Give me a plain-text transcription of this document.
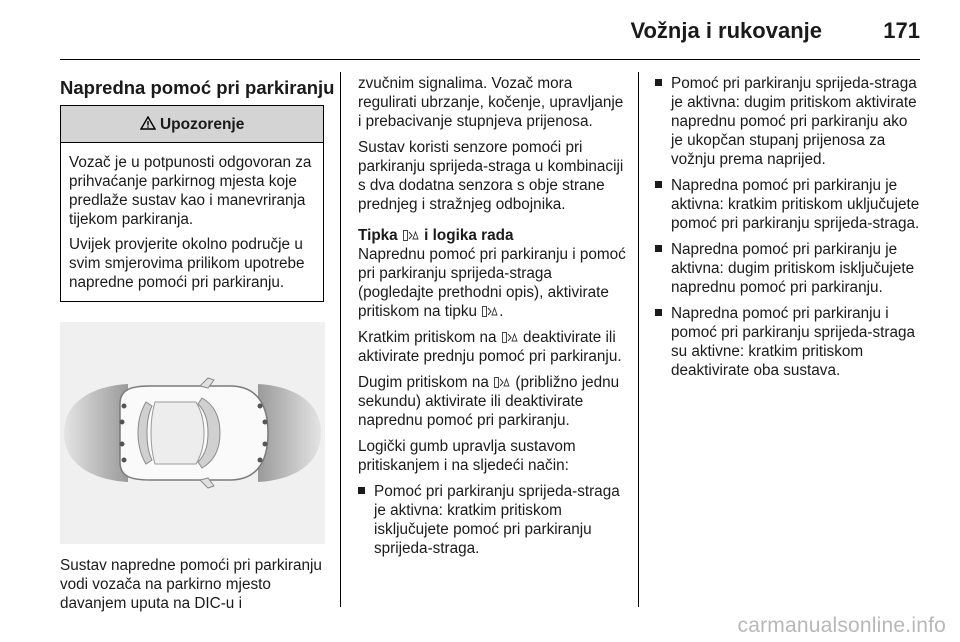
Vožnja i rukovanje	171
Napredna pomoć pri parkiranju
Upozorenje

Vozač je u potpunosti odgovoran za prihvaćanje parkirnog mjesta koje predlaže sustav kao i manevriranja tijekom parkiranja.

Uvijek provjerite okolno područje u svim smjerovima prilikom upotrebe napredne pomoći pri parkiranju.

Sustav napredne pomoći pri parkiranju vodi vozača na parkirno mjesto davanjem uputa na DIC-u i

zvučnim signalima. Vozač mora regulirati ubrzanje, kočenje, upravljanje i prebacivanje stupnjeva prijenosa.

Sustav koristi senzore pomoći pri parkiranju sprijeda-straga u kombinaciji s dva dodatna senzora s obje strane prednjeg i stražnjeg odbojnika.

Tipka  i logika rada

Naprednu pomoć pri parkiranju i pomoć pri parkiranju sprijeda-straga (pogledajte prethodni opis), aktivirate pritiskom na tipku .

Kratkim pritiskom na  deaktivirate ili aktivirate prednju pomoć pri parkiranju.

Dugim pritiskom na  (približno jednu sekundu) aktivirate ili deaktivirate naprednu pomoć pri parkiranju.

Logički gumb upravlja sustavom pritiskanjem i na sljedeći način:

Pomoć pri parkiranju sprijeda-straga je aktivna: kratkim pritiskom isključujete pomoć pri parkiranju sprijeda-straga.
Pomoć pri parkiranju sprijeda-straga je aktivna: dugim pritiskom aktivirate naprednu pomoć pri parkiranju ako je ukopčan stupanj prijenosa za vožnju prema naprijed.
Napredna pomoć pri parkiranju je aktivna: kratkim pritiskom uključujete pomoć pri parkiranju sprijeda-straga.
Napredna pomoć pri parkiranju je aktivna: dugim pritiskom isključujete naprednu pomoć pri parkiranju.
Napredna pomoć pri parkiranju i pomoć pri parkiranju sprijeda-straga su aktivne: kratkim pritiskom deaktivirate oba sustava.
carmanualsonline.info
